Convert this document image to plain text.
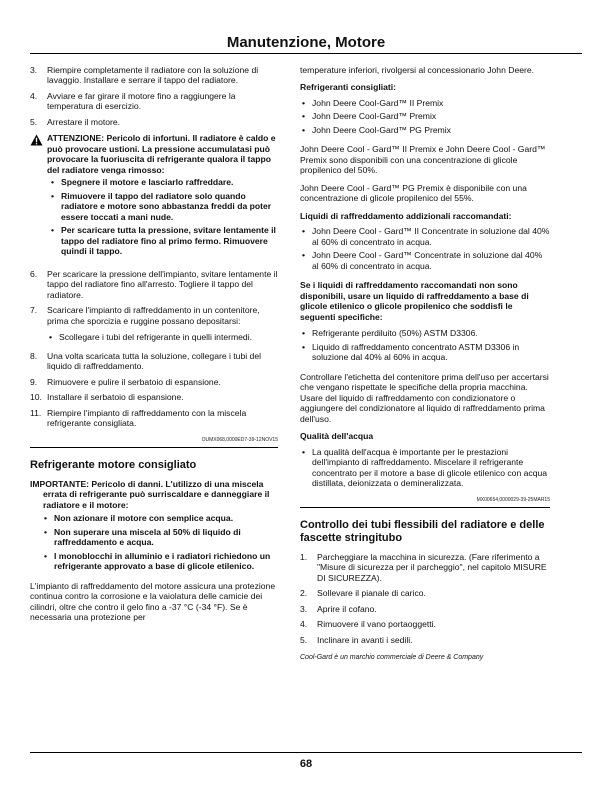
Manutenzione, Motore
3.	Riempire completamente il radiatore con la soluzione di lavaggio. Installare e serrare il tappo del radiatore.
4.	Avviare e far girare il motore fino a raggiungere la temperatura di esercizio.
5.	Arrestare il motore.
ATTENZIONE: Pericolo di infortuni. Il radiatore è caldo e può provocare ustioni. La pressione accumulatasi può provocare la fuoriuscita di refrigerante qualora il tappo del radiatore venga rimosso:
• Spegnere il motore e lasciarlo raffreddare.
• Rimuovere il tappo del radiatore solo quando radiatore e motore sono abbastanza freddi da poter essere toccati a mani nude.
• Per scaricare tutta la pressione, svitare lentamente il tappo del radiatore fino al primo fermo. Rimuovere quindi il tappo.
6.	Per scaricare la pressione dell'impianto, svitare lentamente il tappo del radiatore fino all'arresto. Togliere il tappo del radiatore.
7.	Scaricare l'impianto di raffreddamento in un contenitore, prima che sporcizia e ruggine possano depositarsi:
• Scollegare i tubi del refrigerante in quelli intermedi.
8.	Una volta scaricata tutta la soluzione, collegare i tubi del liquido di raffreddamento.
9.	Rimuovere e pulire il serbatoio di espansione.
10. Installare il serbatoio di espansione.
11. Riempire l'impianto di raffreddamento con la miscela refrigerante consigliata.
OUMX068,0000ED7-39-12NOV15
Refrigerante motore consigliato
IMPORTANTE: Pericolo di danni. L'utilizzo di una miscela errata di refrigerante può surriscaldare e danneggiare il radiatore e il motore:
• Non azionare il motore con semplice acqua.
• Non superare una miscela al 50% di liquido di raffreddamento e acqua.
• I monoblocchi in alluminio e i radiatori richiedono un refrigerante approvato a base di glicole etilenico.

L'impianto di raffreddamento del motore assicura una protezione continua contro la corrosione e la vaiolatura delle camicie dei cilindri, oltre che contro il gelo fino a -37 °C (-34 °F). Se è necessaria una protezione per

temperature inferiori, rivolgersi al concessionario John Deere.

Refrigeranti consigliati:
• John Deere Cool-Gard™ II Premix
• John Deere Cool-Gard™ Premix
• John Deere Cool-Gard™ PG Premix

John Deere Cool - Gard™ II Premix e John Deere Cool - Gard™ Premix sono disponibili con una concentrazione di glicole propilenico del 50%.

John Deere Cool - Gard™ PG Premix è disponibile con una concentrazione di glicole propilenico del 55%.

Liquidi di raffreddamento addizionali raccomandati:
• John Deere Cool - Gard™ II Concentrate in soluzione dal 40% al 60% di concentrato in acqua.
• John Deere Cool - Gard™ Concentrate in soluzione dal 40% al 60% di concentrato in acqua.
Se i liquidi di raffreddamento raccomandati non sono disponibili, usare un liquido di raffreddamento a base di glicole etilenico o glicole propilenico che soddisfi le seguenti specifiche:
• Refrigerante perdiluito (50%) ASTM D3306.
• Liquido di raffreddamento concentrato ASTM D3306 in soluzione dal 40% al 60% in acqua.

Controllare l'etichetta del contenitore prima dell'uso per accertarsi che vengano rispettate le specifiche della propria macchina. Usare del liquido di raffreddamento con condizionatore o aggiungere del condizionatore al liquido di raffreddamento prima dell'uso.

Qualità dell'acqua
• La qualità dell'acqua è importante per le prestazioni dell'impianto di raffreddamento. Miscelare il refrigerante concentrato per il motore a base di glicole etilenico con acqua distillata, deionizzata o demineralizzata.
MX00654,0000029-39-25MAR15
Controllo dei tubi flessibili del radiatore e delle fascette stringitubo
1.	Parcheggiare la macchina in sicurezza. (Fare riferimento a "Misure di sicurezza per il parcheggio", nel capitolo MISURE DI SICUREZZA).
2.	Sollevare il pianale di carico.
3.	Aprire il cofano.
4.	Rimuovere il vano portaoggetti.
5.	Inclinare in avanti i sedili.
Cool-Gard è un marchio commerciale di Deere & Company
68
